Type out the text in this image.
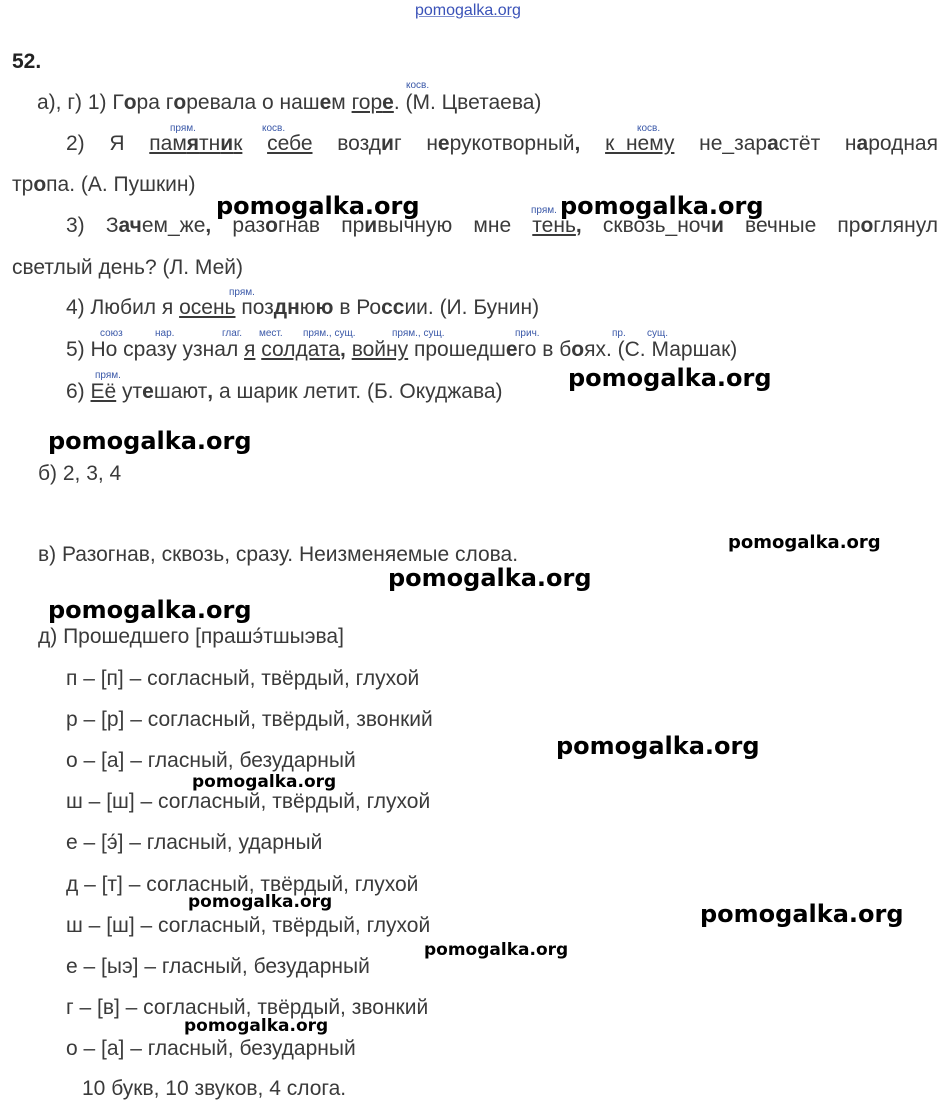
pomogalka.org
52.
а), г) 1) Гора горевала о нашем горе. (М. Цветаева)
косв.
2) Я памятник себе воздиг нерукотворный, к_нему не_зарастёт народная
прям.	косв.	косв.
тропа. (А. Пушкин)
3) Зачем_же, разогнав привычную мне тень, сквозь_ночи вечные проглянул
прям.
светлый день? (Л. Мей)
4) Любил я осень позднюю в России. (И. Бунин)
прям.
5) Но сразу узнал я солдата, войну прошедшего в боях. (С. Маршак)
союз	нар.	глаг. мест. прям., сущ.	прям., сущ.	прич.	пр. сущ.
6) Её утешают, а шарик летит. (Б. Окуджава)
прям.
б) 2, 3, 4
в) Разогнав, сквозь, сразу. Неизменяемые слова.
д) Прошедшего [прашэ́тшыэва]
п – [п] – согласный, твёрдый, глухой
р – [р] – согласный, твёрдый, звонкий
о – [а] – гласный, безударный
ш – [ш] – согласный, твёрдый, глухой
е – [э́] – гласный, ударный
д – [т] – согласный, твёрдый, глухой
ш – [ш] – согласный, твёрдый, глухой
е – [ыэ] – гласный, безударный
г – [в] – согласный, твёрдый, звонкий
о – [а] – гласный, безударный
10 букв, 10 звуков, 4 слога.
pomogalka.org	pomogalka.org
pomogalka.org
pomogalka.org
pomogalka.org
pomogalka.org
pomogalka.org
pomogalka.org
pomogalka.org
pomogalka.org	pomogalka.org
pomogalka.org
pomogalka.org
